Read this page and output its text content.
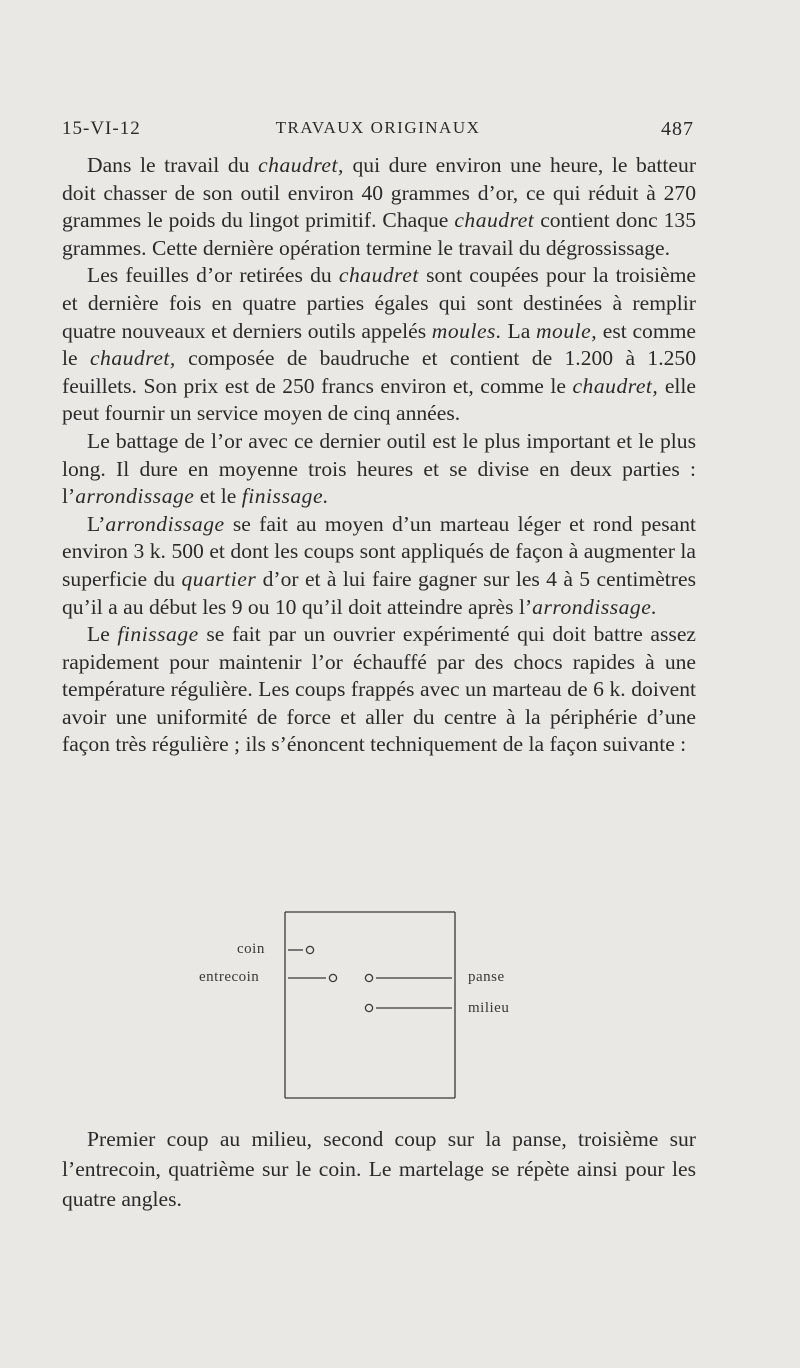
15-VI-12	TRAVAUX ORIGINAUX	487

Dans le travail du chaudret, qui dure environ une heure, le batteur doit chasser de son outil environ 40 grammes d’or, ce qui réduit à 270 grammes le poids du lingot primitif. Chaque chaudret contient donc 135 grammes. Cette dernière opération termine le travail du dégrossissage.

Les feuilles d’or retirées du chaudret sont coupées pour la troisième et dernière fois en quatre parties égales qui sont destinées à remplir quatre nouveaux et derniers outils appelés moules. La moule, est comme le chaudret, composée de baudruche et contient de 1.200 à 1.250 feuillets. Son prix est de 250 francs environ et, comme le chaudret, elle peut fournir un service moyen de cinq années.

Le battage de l’or avec ce dernier outil est le plus important et le plus long. Il dure en moyenne trois heures et se divise en deux parties : l’arrondissage et le finissage.

L’arrondissage se fait au moyen d’un marteau léger et rond pesant environ 3 k. 500 et dont les coups sont appliqués de façon à augmenter la superficie du quartier d’or et à lui faire gagner sur les 4 à 5 centimètres qu’il a au début les 9 ou 10 qu’il doit atteindre après l’arrondissage.

Le finissage se fait par un ouvrier expérimenté qui doit battre assez rapidement pour maintenir l’or échauffé par des chocs rapides à une température régulière. Les coups frappés avec un marteau de 6 k. doivent avoir une uniformité de force et aller du centre à la périphérie d’une façon très régulière ; ils s’énoncent techniquement de la façon suivante :

coin
entrecoin	panse
milieu

Premier coup au milieu, second coup sur la panse, troisième sur l’entrecoin, quatrième sur le coin. Le martelage se répète ainsi pour les quatre angles.
